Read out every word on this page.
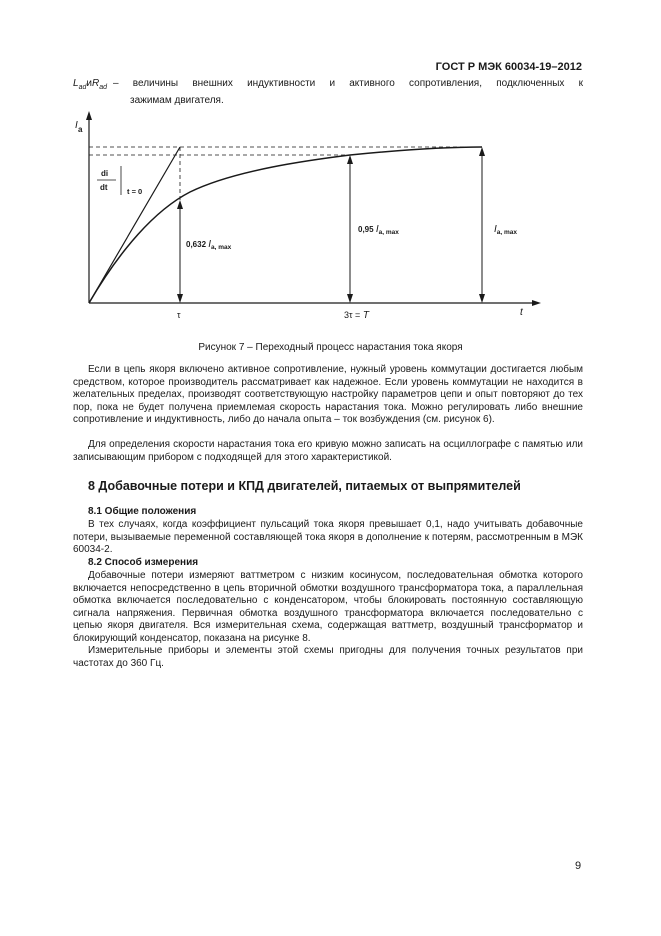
ГОСТ Р МЭК 60034-19–2012
$L_{ad}$ и $R_{ad}$ – величины внешних индуктивности и активного сопротивления, подключенных к
зажимам двигателя.
I a
di
dt	t = 0
0,632 $I_{a, max}$
0,95 $I_{a, max}$	$I_{a, max}$
t
τ	3τ = T
Рисунок 7 – Переходный процесс нарастания тока якоря
Если в цепь якоря включено активное сопротивление, нужный уровень коммутации достигается любым средством, которое производитель рассматривает как надежное. Если уровень коммутации не находится в желательных пределах, производят соответствующую настройку параметров цепи и опыт повторяют до тех пор, пока не будет получена приемлемая скорость нарастания тока. Можно регулировать либо внешние сопротивление и индуктивность, либо до начала опыта – ток возбуждения (см. рисунок 6).
Для определения скорости нарастания тока его кривую можно записать на осциллографе с памятью или записывающим прибором с подходящей для этого характеристикой.
8 Добавочные потери и КПД двигателей, питаемых от выпрямителей
8.1 Общие положения
В тех случаях, когда коэффициент пульсаций тока якоря превышает 0,1, надо учитывать добавочные потери, вызываемые переменной составляющей тока якоря в дополнение к потерям, рассмотренным в МЭК 60034-2.
8.2 Способ измерения
Добавочные потери измеряют ваттметром с низким косинусом, последовательная обмотка которого включается непосредственно в цепь вторичной обмотки воздушного трансформатора тока, а параллельная обмотка включается последовательно с конденсатором, чтобы блокировать постоянную составляющую сигнала напряжения. Первичная обмотка воздушного трансформатора включается последовательно с цепью якоря двигателя. Вся измерительная схема, содержащая ваттметр, воздушный трансформатор и блокирующий конденсатор, показана на рисунке 8.
Измерительные приборы и элементы этой схемы пригодны для получения точных результатов при частотах до 360 Гц.
9
